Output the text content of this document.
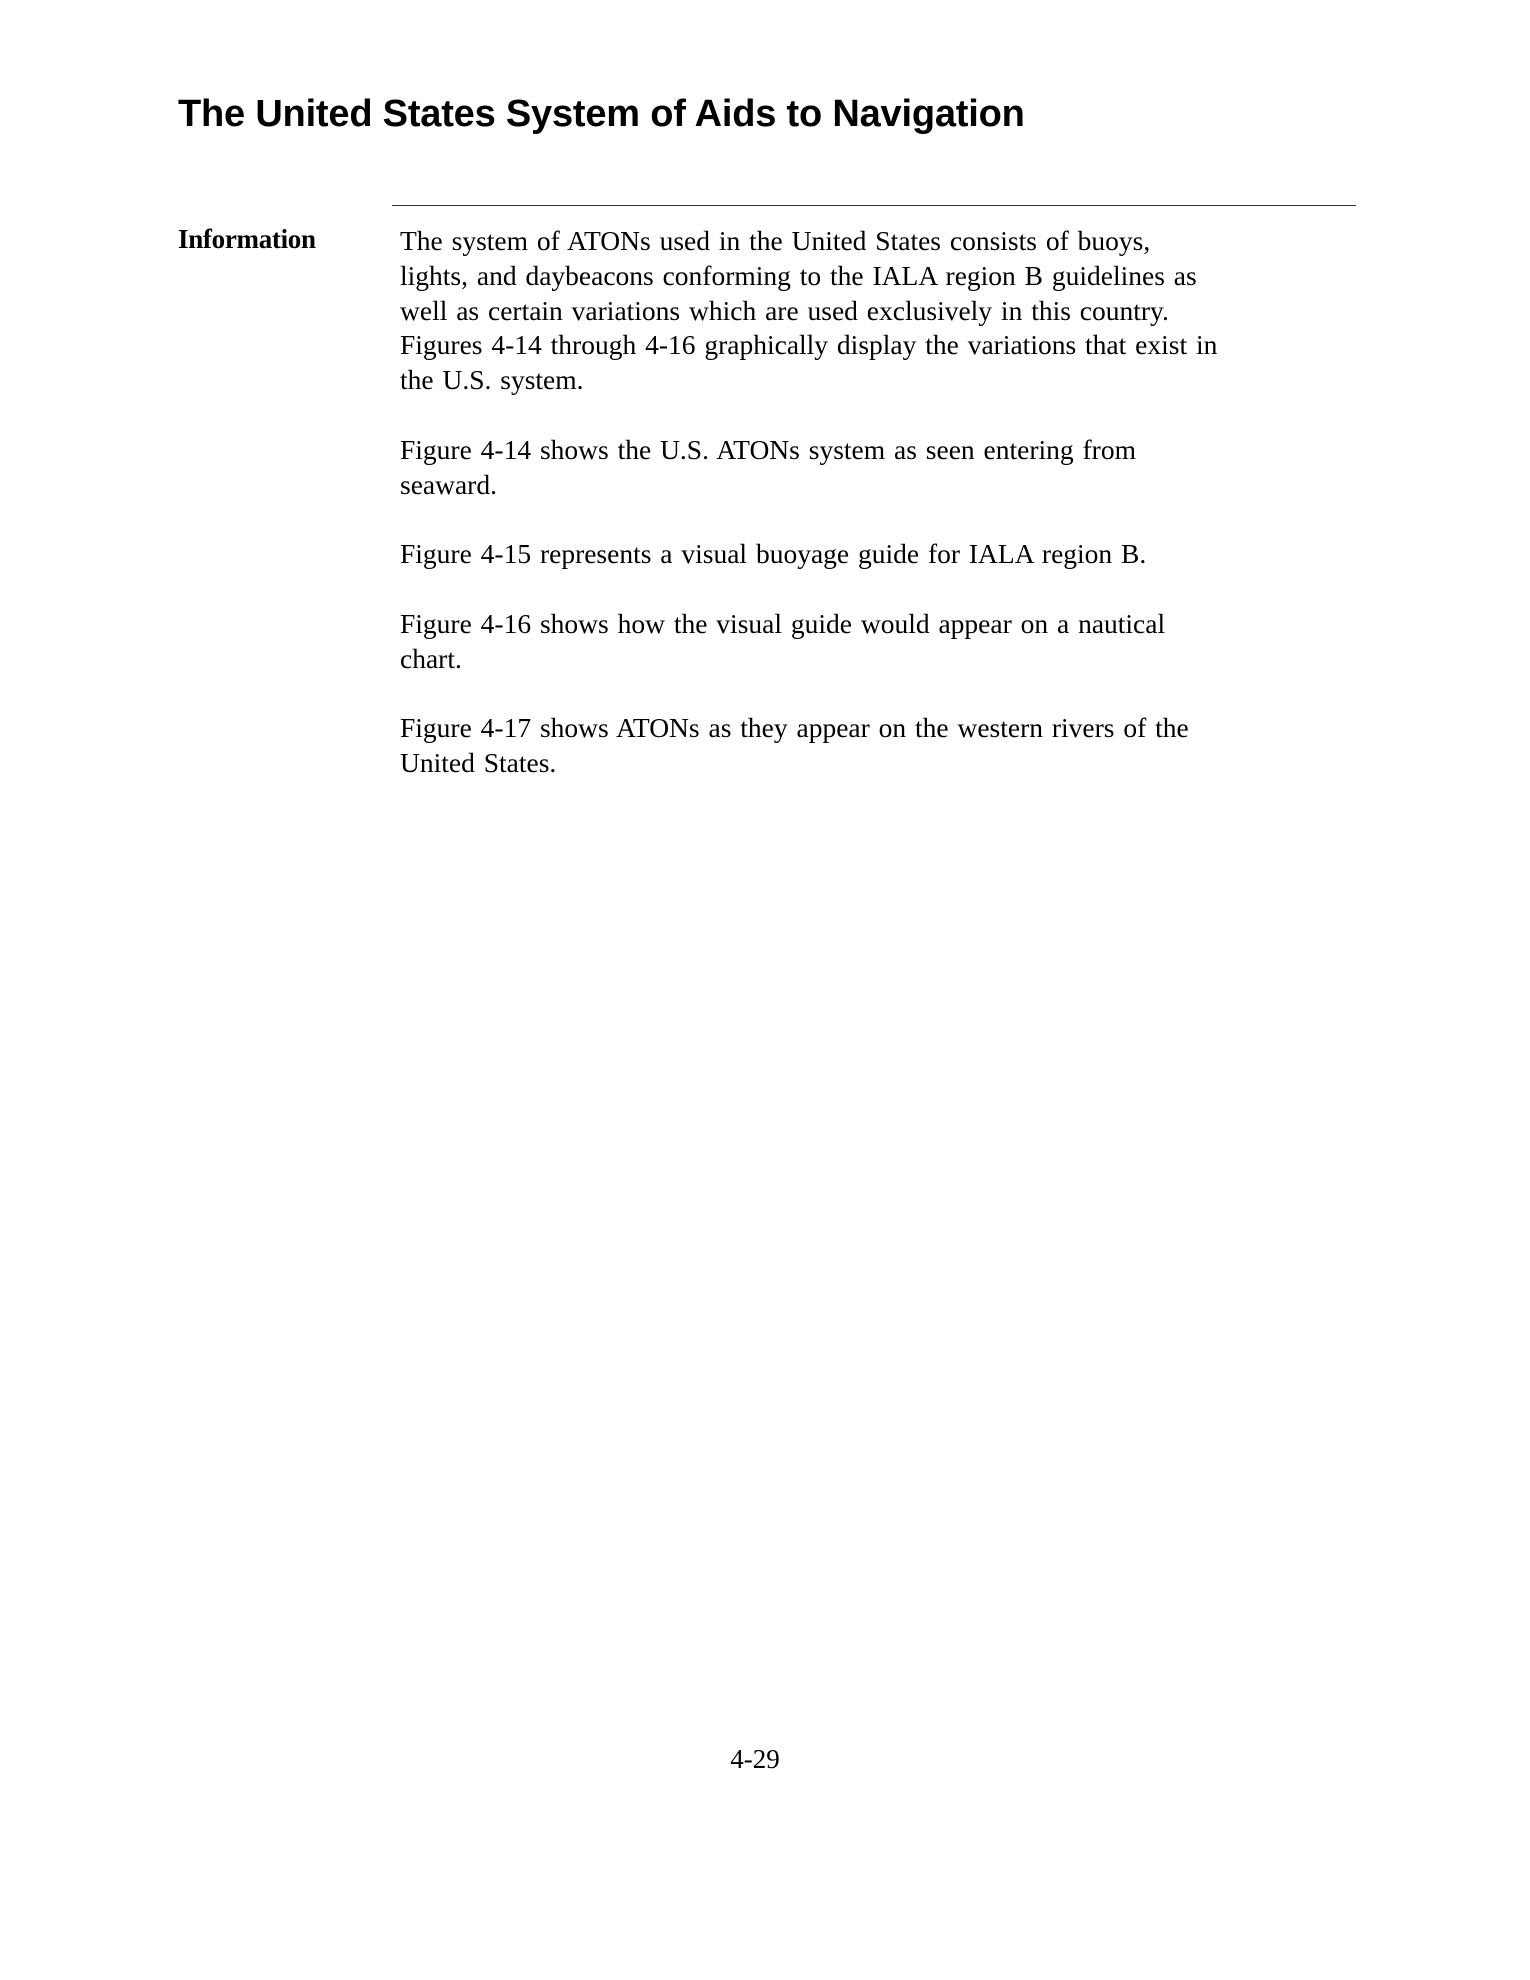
The United States System of Aids to Navigation
Information	The system of ATONs used in the United States consists of buoys,
lights, and daybeacons conforming to the IALA region B guidelines as
well as certain variations which are used exclusively in this country.
Figures 4-14 through 4-16 graphically display the variations that exist in
the U.S. system.

Figure 4-14 shows the U.S. ATONs system as seen entering from
seaward.

Figure 4-15 represents a visual buoyage guide for IALA region B.

Figure 4-16 shows how the visual guide would appear on a nautical
chart.

Figure 4-17 shows ATONs as they appear on the western rivers of the
United States.

4-29
